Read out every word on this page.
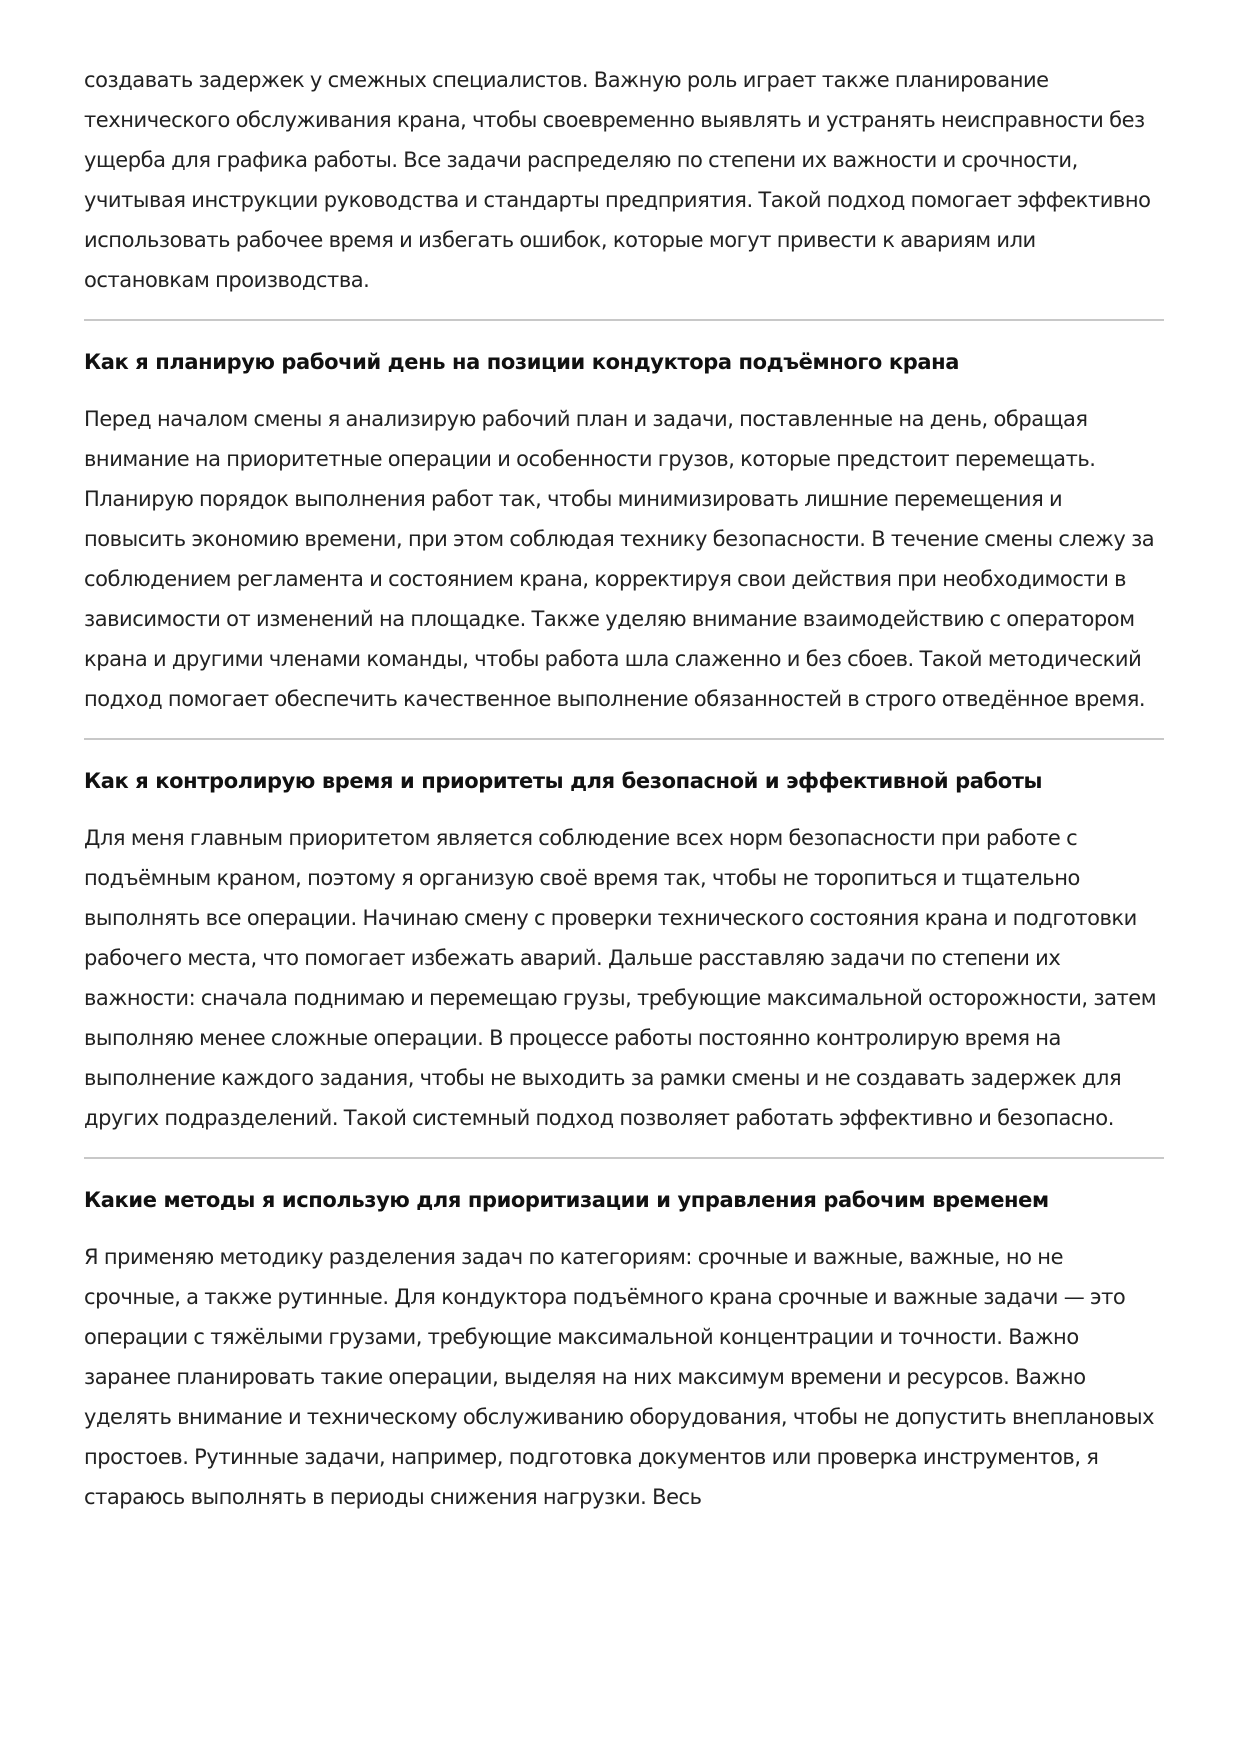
создавать задержек у смежных специалистов. Важную роль играет также планирование технического обслуживания крана, чтобы своевременно выявлять и устранять неисправности без ущерба для графика работы. Все задачи распределяю по степени их важности и срочности, учитывая инструкции руководства и стандарты предприятия. Такой подход помогает эффективно использовать рабочее время и избегать ошибок, которые могут привести к авариям или остановкам производства.

Как я планирую рабочий день на позиции кондуктора подъёмного крана

Перед началом смены я анализирую рабочий план и задачи, поставленные на день, обращая внимание на приоритетные операции и особенности грузов, которые предстоит перемещать. Планирую порядок выполнения работ так, чтобы минимизировать лишние перемещения и повысить экономию времени, при этом соблюдая технику безопасности. В течение смены слежу за соблюдением регламента и состоянием крана, корректируя свои действия при необходимости в зависимости от изменений на площадке. Также уделяю внимание взаимодействию с оператором крана и другими членами команды, чтобы работа шла слаженно и без сбоев. Такой методический подход помогает обеспечить качественное выполнение обязанностей в строго отведённое время.

Как я контролирую время и приоритеты для безопасной и эффективной работы

Для меня главным приоритетом является соблюдение всех норм безопасности при работе с подъёмным краном, поэтому я организую своё время так, чтобы не торопиться и тщательно выполнять все операции. Начинаю смену с проверки технического состояния крана и подготовки рабочего места, что помогает избежать аварий. Дальше расставляю задачи по степени их важности: сначала поднимаю и перемещаю грузы, требующие максимальной осторожности, затем выполняю менее сложные операции. В процессе работы постоянно контролирую время на выполнение каждого задания, чтобы не выходить за рамки смены и не создавать задержек для других подразделений. Такой системный подход позволяет работать эффективно и безопасно.

Какие методы я использую для приоритизации и управления рабочим временем

Я применяю методику разделения задач по категориям: срочные и важные, важные, но не срочные, а также рутинные. Для кондуктора подъёмного крана срочные и важные задачи — это операции с тяжёлыми грузами, требующие максимальной концентрации и точности. Важно заранее планировать такие операции, выделяя на них максимум времени и ресурсов. Важно уделять внимание и техническому обслуживанию оборудования, чтобы не допустить внеплановых простоев. Рутинные задачи, например, подготовка документов или проверка инструментов, я стараюсь выполнять в периоды снижения нагрузки. Весь
